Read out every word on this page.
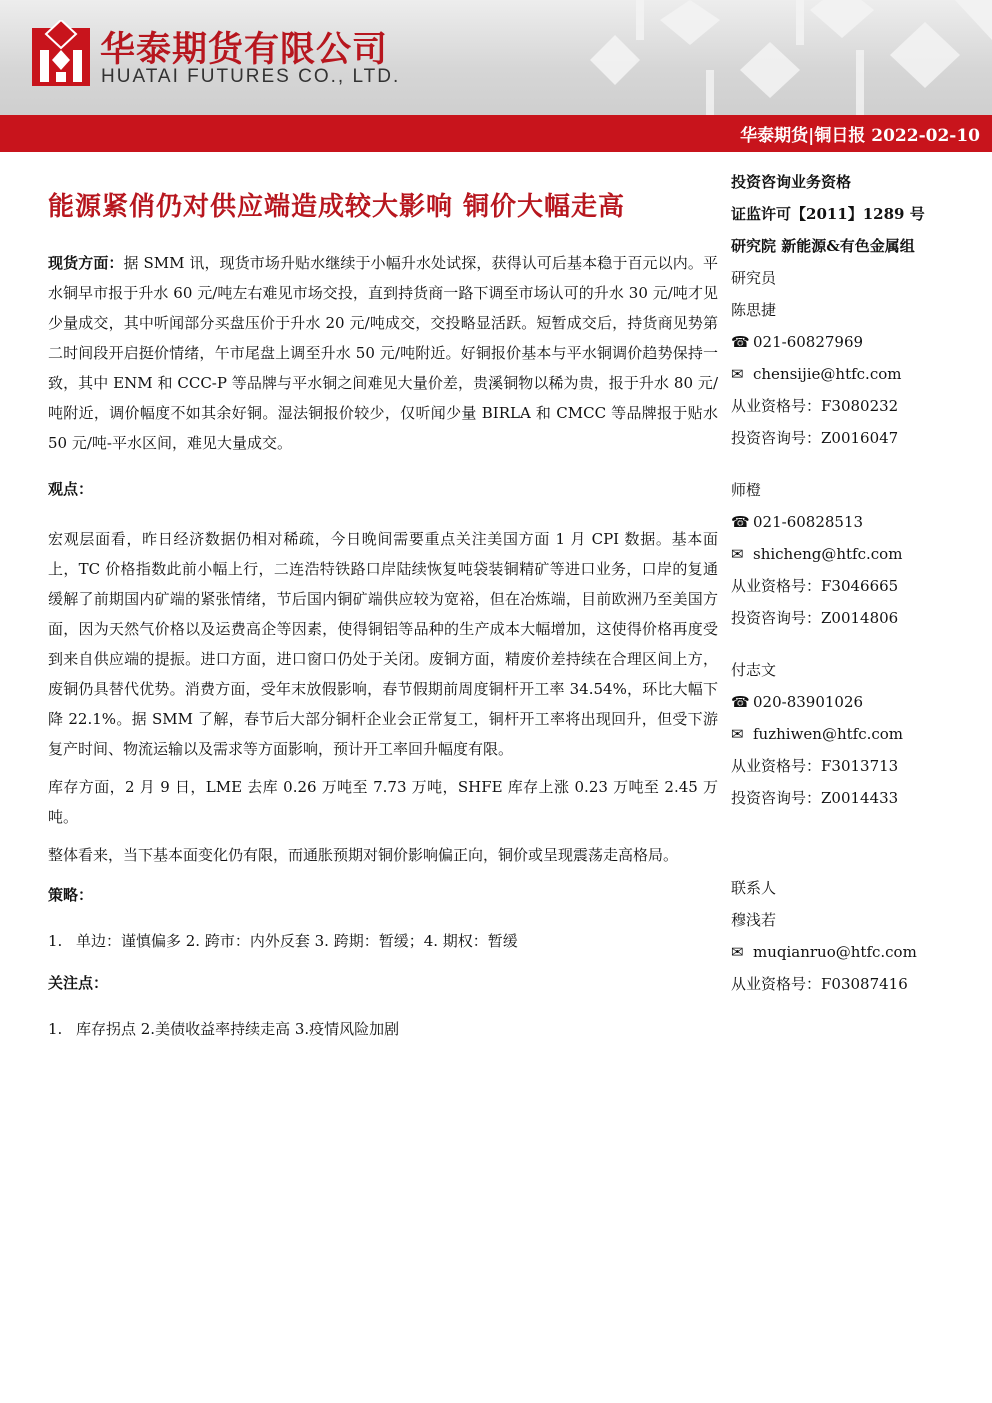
华泰期货有限公司
HUATAI FUTURES CO., LTD.
华泰期货|铜日报 2022-02-10
能源紧俏仍对供应端造成较大影响 铜价大幅走高

现货方面：据 SMM 讯，现货市场升贴水继续于小幅升水处试探，获得认可后基本稳于百元以内。平水铜早市报于升水 60 元/吨左右难见市场交投，直到持货商一路下调至市场认可的升水 30 元/吨才见少量成交，其中听闻部分买盘压价于升水 20 元/吨成交，交投略显活跃。短暂成交后，持货商见势第二时间段开启挺价情绪，午市尾盘上调至升水 50 元/吨附近。好铜报价基本与平水铜调价趋势保持一致，其中 ENM 和 CCC-P 等品牌与平水铜之间难见大量价差，贵溪铜物以稀为贵，报于升水 80 元/吨附近，调价幅度不如其余好铜。湿法铜报价较少，仅听闻少量 BIRLA 和 CMCC 等品牌报于贴水 50 元/吨-平水区间，难见大量成交。

观点：

宏观层面看，昨日经济数据仍相对稀疏，今日晚间需要重点关注美国方面 1 月 CPI 数据。基本面上，TC 价格指数此前小幅上行，二连浩特铁路口岸陆续恢复吨袋装铜精矿等进口业务，口岸的复通缓解了前期国内矿端的紧张情绪，节后国内铜矿端供应较为宽裕，但在冶炼端，目前欧洲乃至美国方面，因为天然气价格以及运费高企等因素，使得铜铝等品种的生产成本大幅增加，这使得价格再度受到来自供应端的提振。进口方面，进口窗口仍处于关闭。废铜方面，精废价差持续在合理区间上方，废铜仍具替代优势。消费方面，受年末放假影响，春节假期前周度铜杆开工率 34.54%，环比大幅下降 22.1%。据 SMM 了解，春节后大部分铜杆企业会正常复工，铜杆开工率将出现回升，但受下游复产时间、物流运输以及需求等方面影响，预计开工率回升幅度有限。

库存方面，2 月 9 日，LME 去库 0.26 万吨至 7.73 万吨，SHFE 库存上涨 0.23 万吨至 2.45 万吨。

整体看来，当下基本面变化仍有限，而通胀预期对铜价影响偏正向，铜价或呈现震荡走高格局。

策略：

1. 单边：谨慎偏多 2. 跨市：内外反套 3. 跨期：暂缓；4. 期权：暂缓

关注点：

1. 库存拐点 2.美债收益率持续走高 3.疫情风险加剧

投资咨询业务资格
证监许可【2011】1289 号
研究院 新能源&有色金属组
研究员
陈思捷
☎ 021-60827969
✉ chensijie@htfc.com
从业资格号：F3080232
投资咨询号：Z0016047
师橙
☎ 021-60828513
✉ shicheng@htfc.com
从业资格号：F3046665
投资咨询号：Z0014806
付志文
☎ 020-83901026
✉ fuzhiwen@htfc.com
从业资格号：F3013713
投资咨询号：Z0014433
联系人
穆浅若
✉ muqianruo@htfc.com
从业资格号：F03087416
